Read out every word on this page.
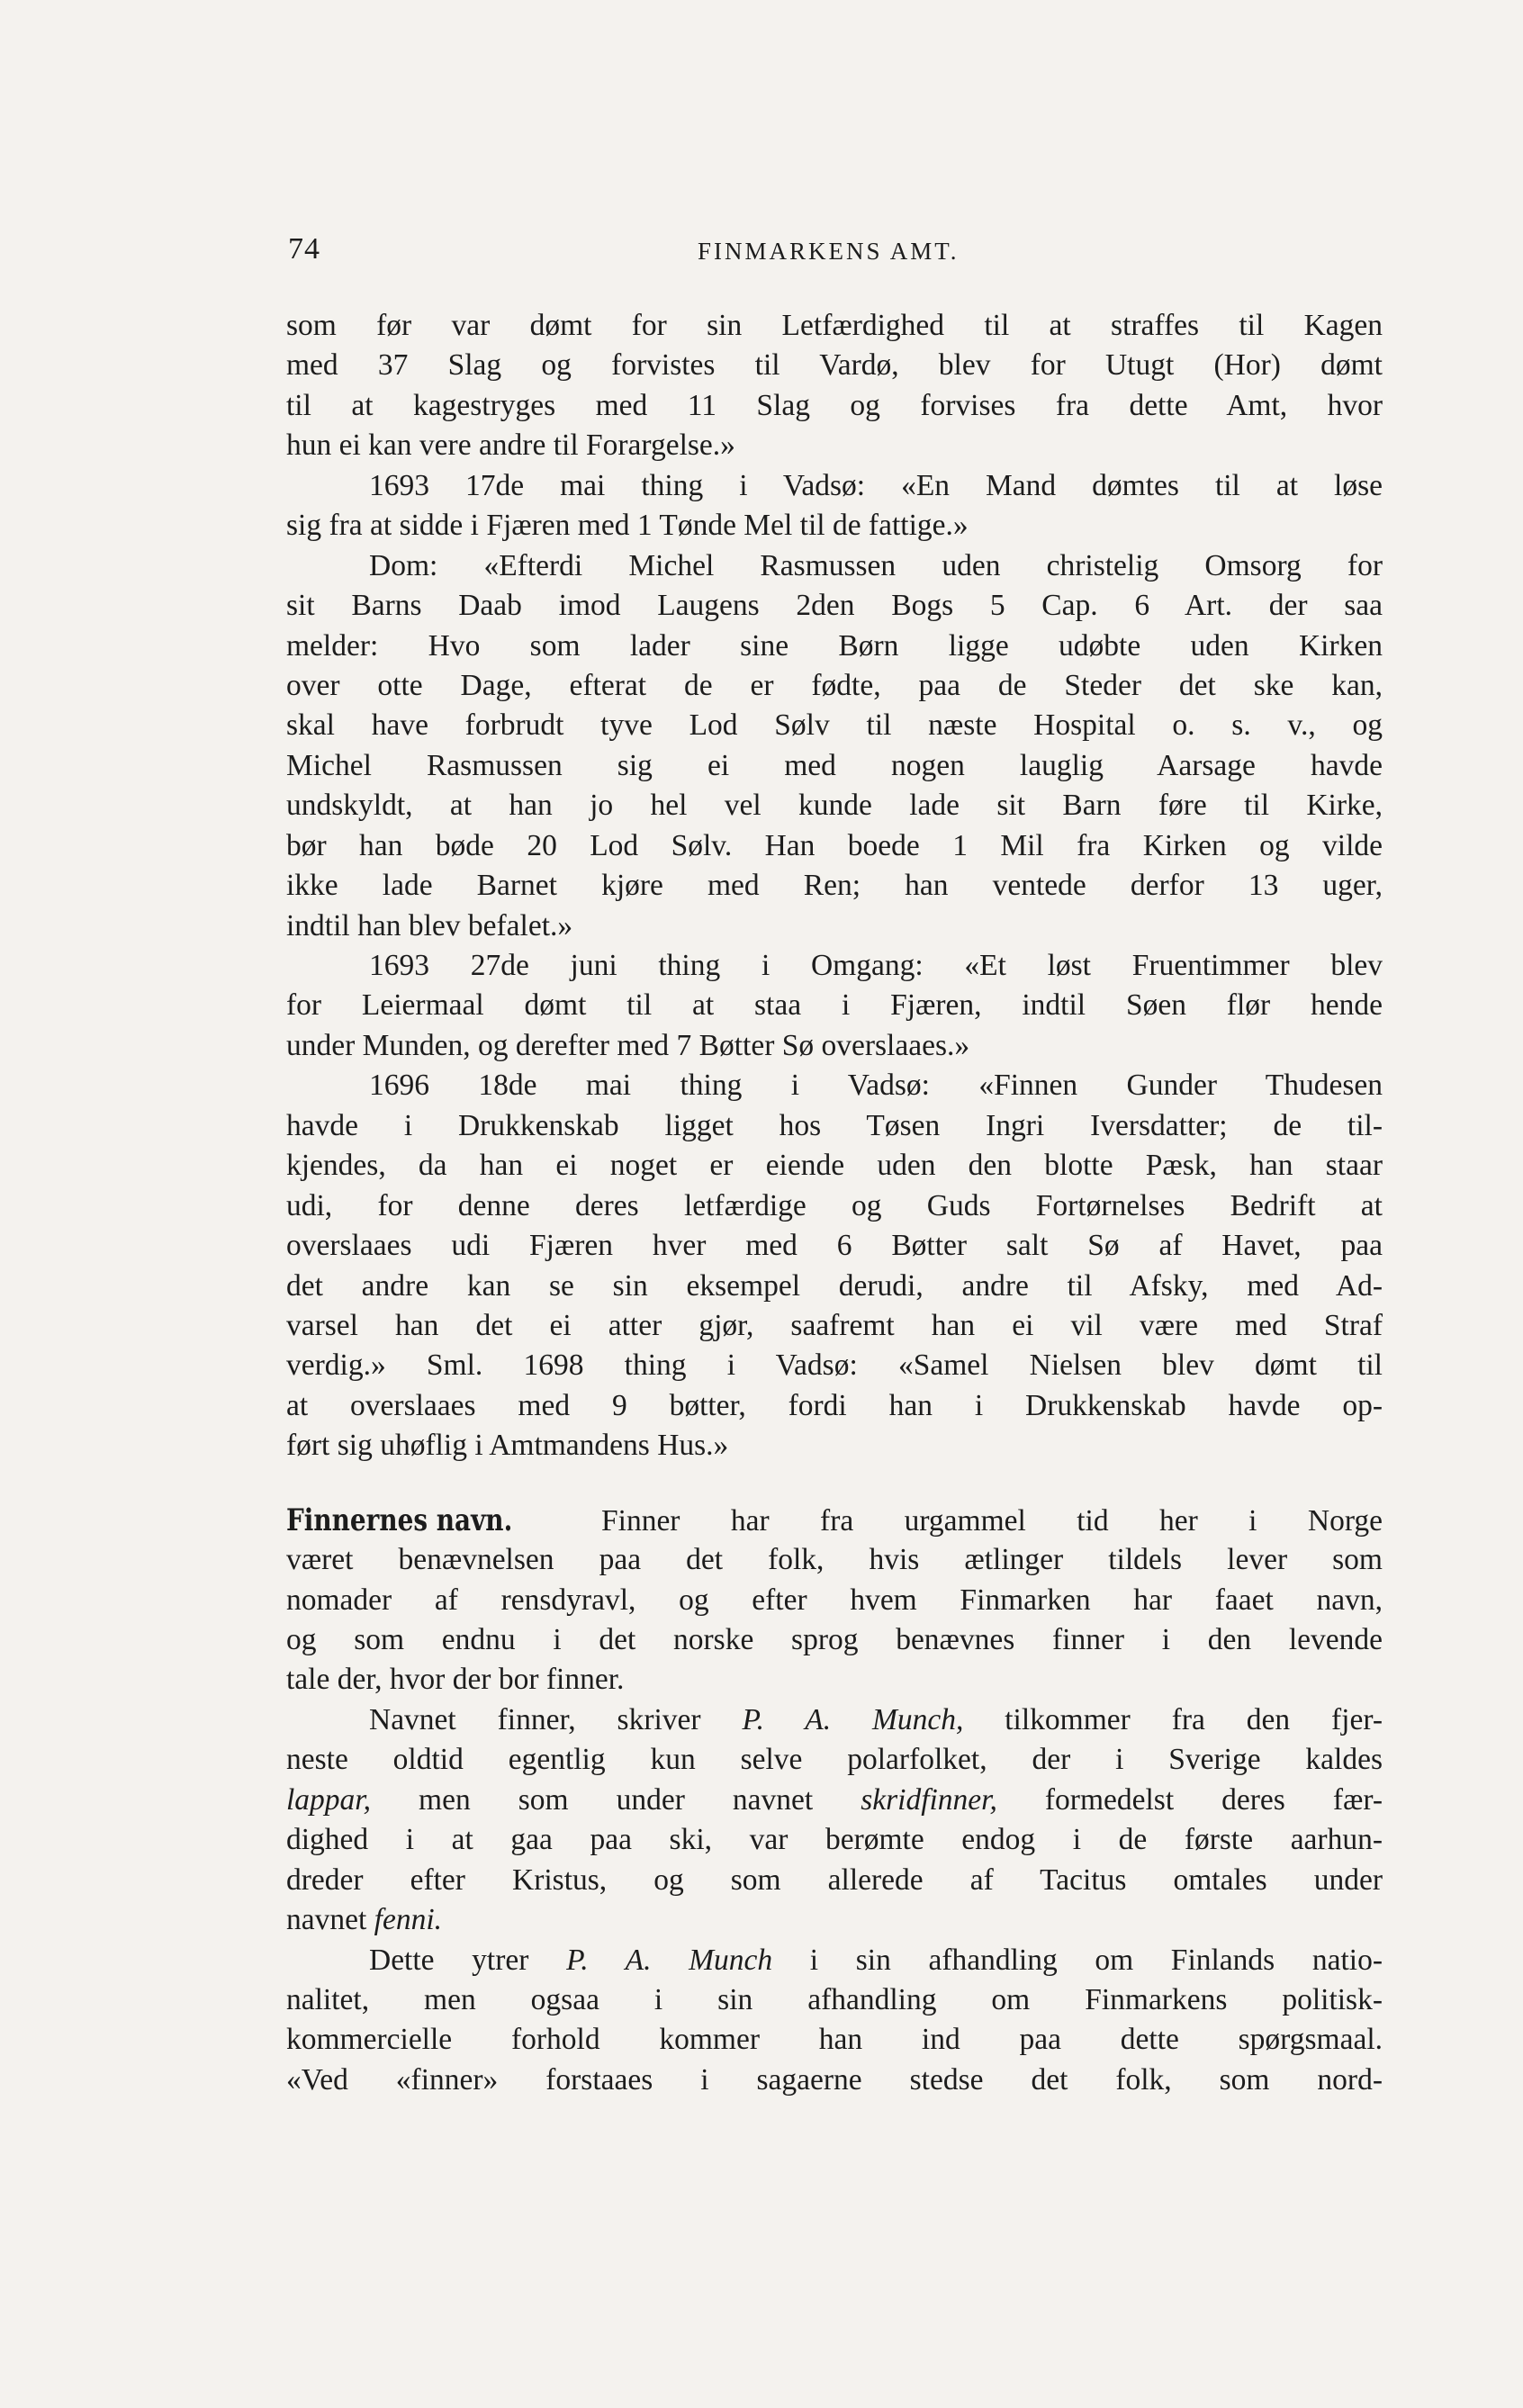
74	FINMARKENS AMT.
som før var dømt for sin Letfærdighed til at straffes til Kagen
med 37 Slag og forvistes til Vardø, blev for Utugt (Hor) dømt
til at kagestryges med 11 Slag og forvises fra dette Amt, hvor
hun ei kan vere andre til Forargelse.»
1693 17de mai thing i Vadsø: «En Mand dømtes til at løse
sig fra at sidde i Fjæren med 1 Tønde Mel til de fattige.»
Dom: «Efterdi Michel Rasmussen uden christelig Omsorg for
sit Barns Daab imod Laugens 2den Bogs 5 Cap. 6 Art. der saa
melder: Hvo som lader sine Børn ligge udøbte uden Kirken
over otte Dage, efterat de er fødte, paa de Steder det ske kan,
skal have forbrudt tyve Lod Sølv til næste Hospital o. s. v., og
Michel Rasmussen sig ei med nogen lauglig Aarsage havde
undskyldt, at han jo hel vel kunde lade sit Barn føre til Kirke,
bør han bøde 20 Lod Sølv. Han boede 1 Mil fra Kirken og vilde
ikke lade Barnet kjøre med Ren; han ventede derfor 13 uger,
indtil han blev befalet.»
1693 27de juni thing i Omgang: «Et løst Fruentimmer blev
for Leiermaal dømt til at staa i Fjæren, indtil Søen flør hende
under Munden, og derefter med 7 Bøtter Sø overslaaes.»
1696 18de mai thing i Vadsø: «Finnen Gunder Thudesen
havde i Drukkenskab ligget hos Tøsen Ingri Iversdatter; de til-
kjendes, da han ei noget er eiende uden den blotte Pæsk, han staar
udi, for denne deres letfærdige og Guds Fortørnelses Bedrift at
overslaaes udi Fjæren hver med 6 Bøtter salt Sø af Havet, paa
det andre kan se sin eksempel derudi, andre til Afsky, med Ad-
varsel han det ei atter gjør, saafremt han ei vil være med Straf
verdig.» Sml. 1698 thing i Vadsø: «Samel Nielsen blev dømt til
at overslaaes med 9 bøtter, fordi han i Drukkenskab havde op-
ført sig uhøflig i Amtmandens Hus.»
Finnernes navn.	Finner har fra urgammel tid her i Norge
været benævnelsen paa det folk, hvis ætlinger tildels lever som
nomader af rensdyravl, og efter hvem Finmarken har faaet navn,
og som endnu i det norske sprog benævnes finner i den levende
tale der, hvor der bor finner.
Navnet finner, skriver P. A. Munch, tilkommer fra den fjer-
neste oldtid egentlig kun selve polarfolket, der i Sverige kaldes
lappar, men som under navnet skridfinner, formedelst deres fær-
dighed i at gaa paa ski, var berømte endog i de første aarhun-
dreder efter Kristus, og som allerede af Tacitus omtales under
navnet fenni.
Dette ytrer P. A. Munch i sin afhandling om Finlands natio-
nalitet, men ogsaa i sin afhandling om Finmarkens politisk-
kommercielle forhold kommer han ind paa dette spørgsmaal.
«Ved «finner» forstaaes i sagaerne stedse det folk, som nord-
